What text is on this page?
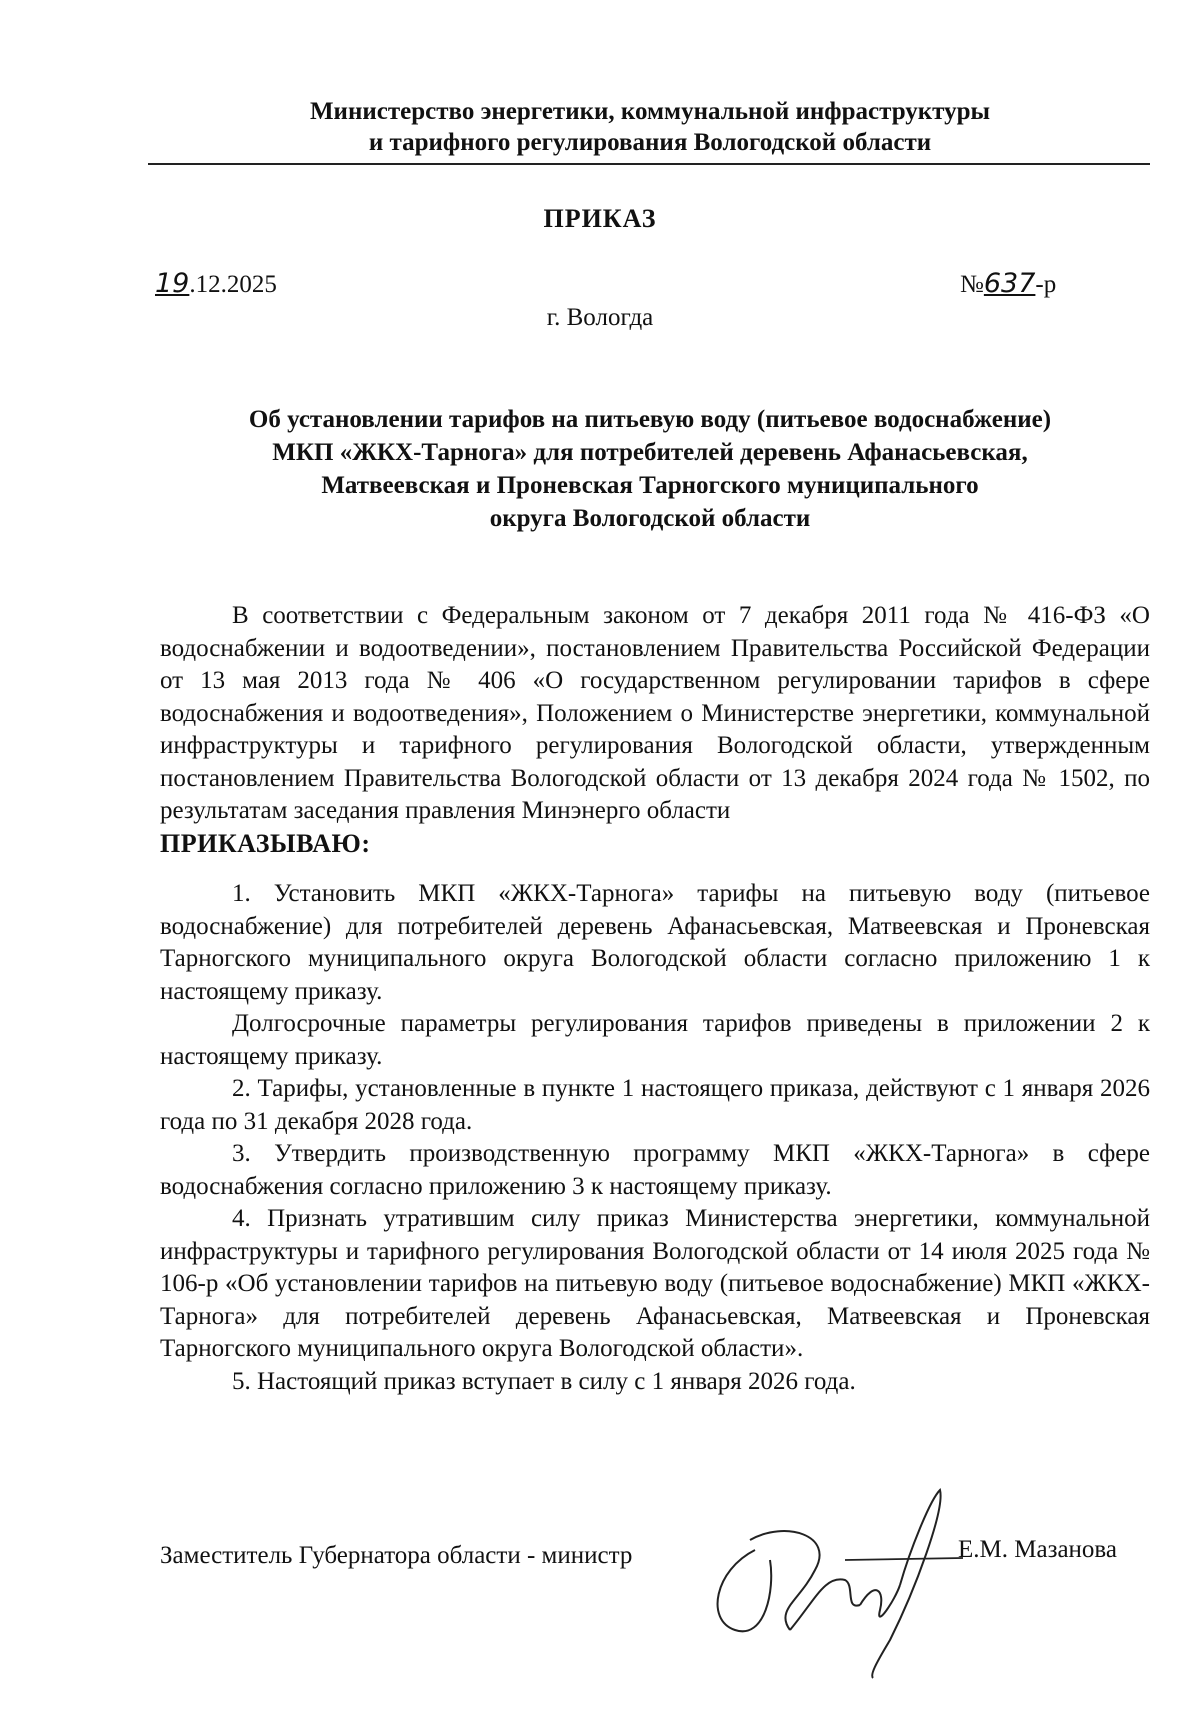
Министерство энергетики, коммунальной инфраструктуры
и тарифного регулирования Вологодской области
ПРИКАЗ
19.12.2025	№637-р
г. Вологда
Об установлении тарифов на питьевую воду (питьевое водоснабжение)
МКП «ЖКХ-Тарнога» для потребителей деревень Афанасьевская,
Матвеевская и Проневская Тарногского муниципального
округа Вологодской области

В соответствии с Федеральным законом от 7 декабря 2011 года № 416-ФЗ «О водоснабжении и водоотведении», постановлением Правительства Российской Федерации от 13 мая 2013 года № 406 «О государственном регулировании тарифов в сфере водоснабжения и водоотведения», Положением о Министерстве энергетики, коммунальной инфраструктуры и тарифного регулирования Вологодской области, утвержденным постановлением Правительства Вологодской области от 13 декабря 2024 года № 1502, по результатам заседания правления Минэнерго области

ПРИКАЗЫВАЮ:

1. Установить МКП «ЖКХ-Тарнога» тарифы на питьевую воду (питьевое водоснабжение) для потребителей деревень Афанасьевская, Матвеевская и Проневская Тарногского муниципального округа Вологодской области согласно приложению 1 к настоящему приказу.

Долгосрочные параметры регулирования тарифов приведены в приложении 2 к настоящему приказу.

2. Тарифы, установленные в пункте 1 настоящего приказа, действуют с 1 января 2026 года по 31 декабря 2028 года.

3. Утвердить производственную программу МКП «ЖКХ-Тарнога» в сфере водоснабжения согласно приложению 3 к настоящему приказу.

4. Признать утратившим силу приказ Министерства энергетики, коммунальной инфраструктуры и тарифного регулирования Вологодской области от 14 июля 2025 года № 106-р «Об установлении тарифов на питьевую воду (питьевое водоснабжение) МКП «ЖКХ-Тарнога» для потребителей деревень Афанасьевская, Матвеевская и Проневская Тарногского муниципального округа Вологодской области».

5. Настоящий приказ вступает в силу с 1 января 2026 года.

Заместитель Губернатора области - министр	Е.М. Мазанова
